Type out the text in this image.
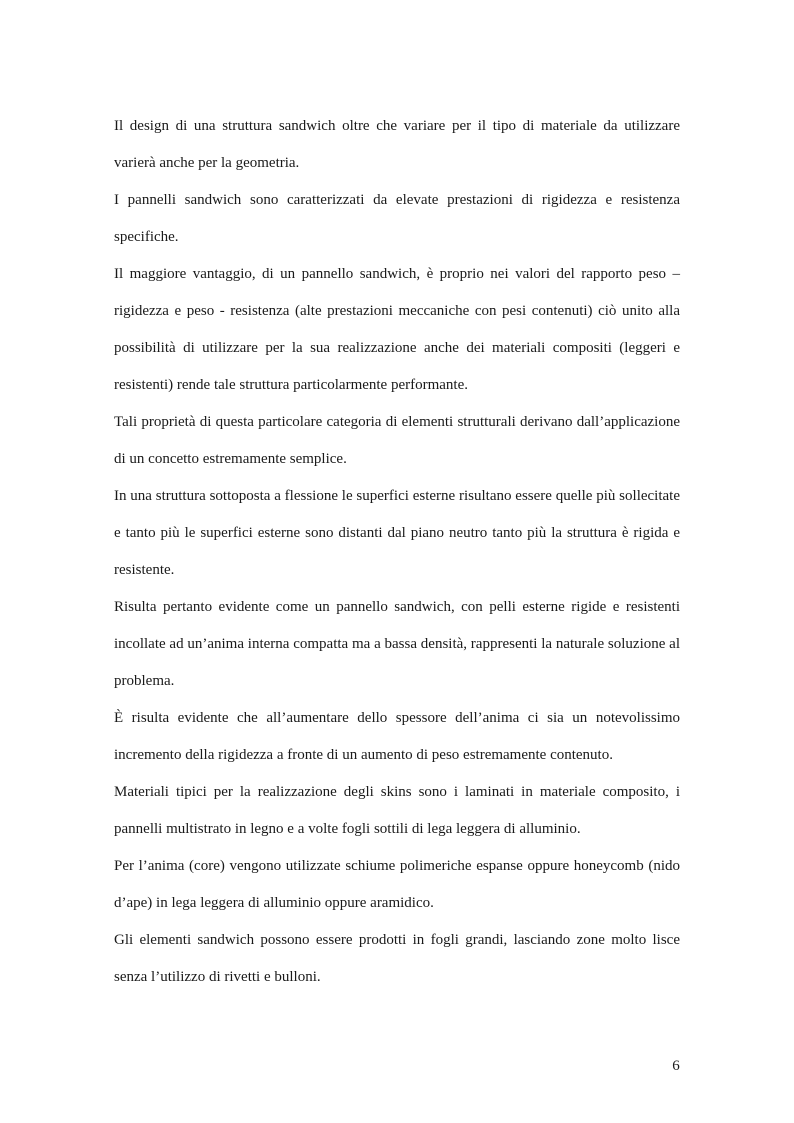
Il design di una struttura sandwich oltre che variare per il tipo di materiale da utilizzare varierà anche per la geometria.

I pannelli sandwich sono caratterizzati da elevate prestazioni di rigidezza e resistenza specifiche.

Il maggiore vantaggio, di un pannello sandwich, è proprio nei valori del rapporto peso – rigidezza e peso - resistenza (alte prestazioni meccaniche con pesi contenuti) ciò unito alla possibilità di utilizzare per la sua realizzazione anche dei materiali compositi (leggeri e resistenti) rende tale struttura particolarmente performante.

Tali proprietà di questa particolare categoria di elementi strutturali derivano dall’applicazione di un concetto estremamente semplice.

In una struttura sottoposta a flessione le superfici esterne risultano essere quelle più sollecitate e tanto più le superfici esterne sono distanti dal piano neutro tanto più la struttura è rigida e resistente.

Risulta pertanto evidente come un pannello sandwich, con pelli esterne rigide e resistenti incollate ad un’anima interna compatta ma a bassa densità, rappresenti la naturale soluzione al problema.

È risulta evidente che all’aumentare dello spessore dell’anima ci sia un notevolissimo incremento della rigidezza a fronte di un aumento di peso estremamente contenuto.

Materiali tipici per la realizzazione degli skins sono i laminati in materiale composito, i pannelli multistrato in legno e a volte fogli sottili di lega leggera di alluminio.

Per l’anima (core) vengono utilizzate schiume polimeriche espanse oppure honeycomb (nido d’ape) in lega leggera di alluminio oppure aramidico.

Gli elementi sandwich possono essere prodotti in fogli grandi, lasciando zone molto lisce senza l’utilizzo di rivetti e bulloni.

6
